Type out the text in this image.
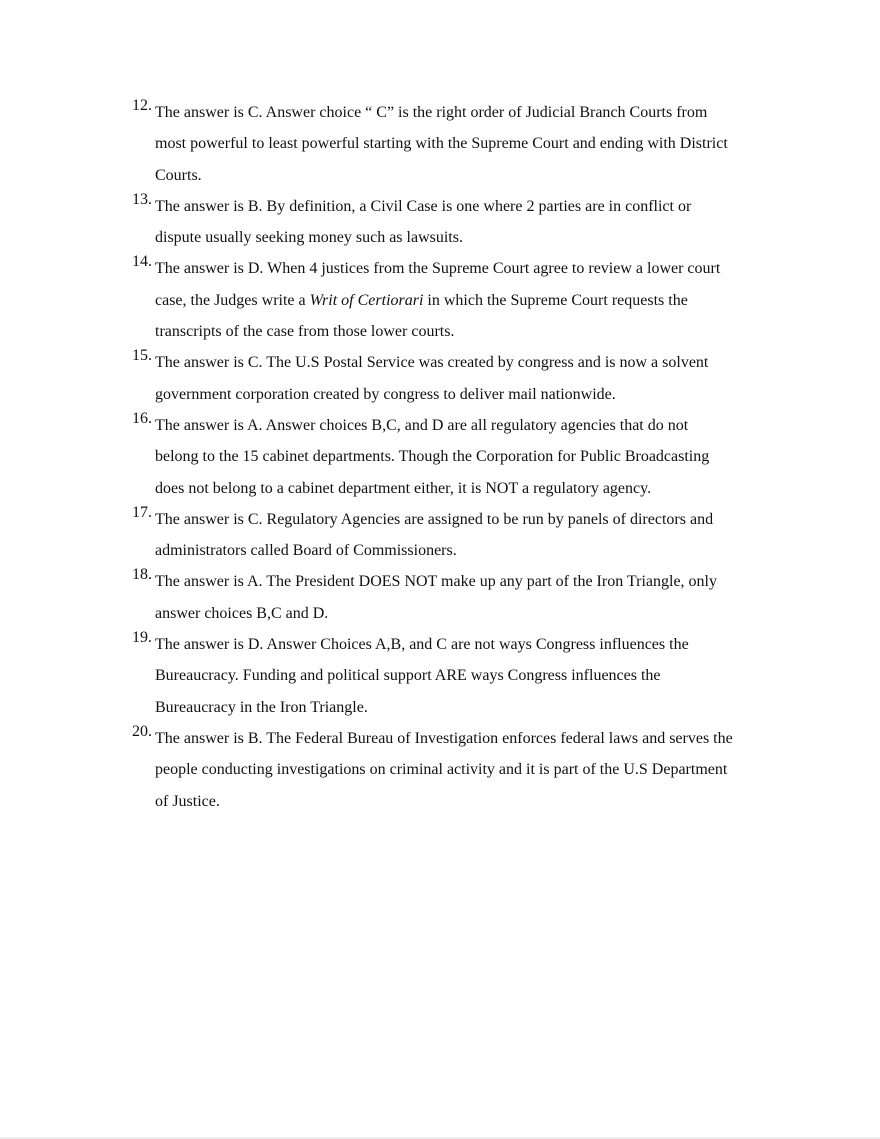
12. The answer is C. Answer choice “ C” is the right order of Judicial Branch Courts from
most powerful to least powerful starting with the Supreme Court and ending with District
Courts.
13. The answer is B. By definition, a Civil Case is one where 2 parties are in conflict or
dispute usually seeking money such as lawsuits.
14. The answer is D. When 4 justices from the Supreme Court agree to review a lower court
case, the Judges write a Writ of Certiorari in which the Supreme Court requests the
transcripts of the case from those lower courts.
15. The answer is C. The U.S Postal Service was created by congress and is now a solvent
government corporation created by congress to deliver mail nationwide.
16. The answer is A. Answer choices B,C, and D are all regulatory agencies that do not
belong to the 15 cabinet departments. Though the Corporation for Public Broadcasting
does not belong to a cabinet department either, it is NOT a regulatory agency.
17. The answer is C. Regulatory Agencies are assigned to be run by panels of directors and
administrators called Board of Commissioners.
18. The answer is A. The President DOES NOT make up any part of the Iron Triangle, only
answer choices B,C and D.
19. The answer is D. Answer Choices A,B, and C are not ways Congress influences the
Bureaucracy. Funding and political support ARE ways Congress influences the
Bureaucracy in the Iron Triangle.
20. The answer is B. The Federal Bureau of Investigation enforces federal laws and serves the
people conducting investigations on criminal activity and it is part of the U.S Department
of Justice.
